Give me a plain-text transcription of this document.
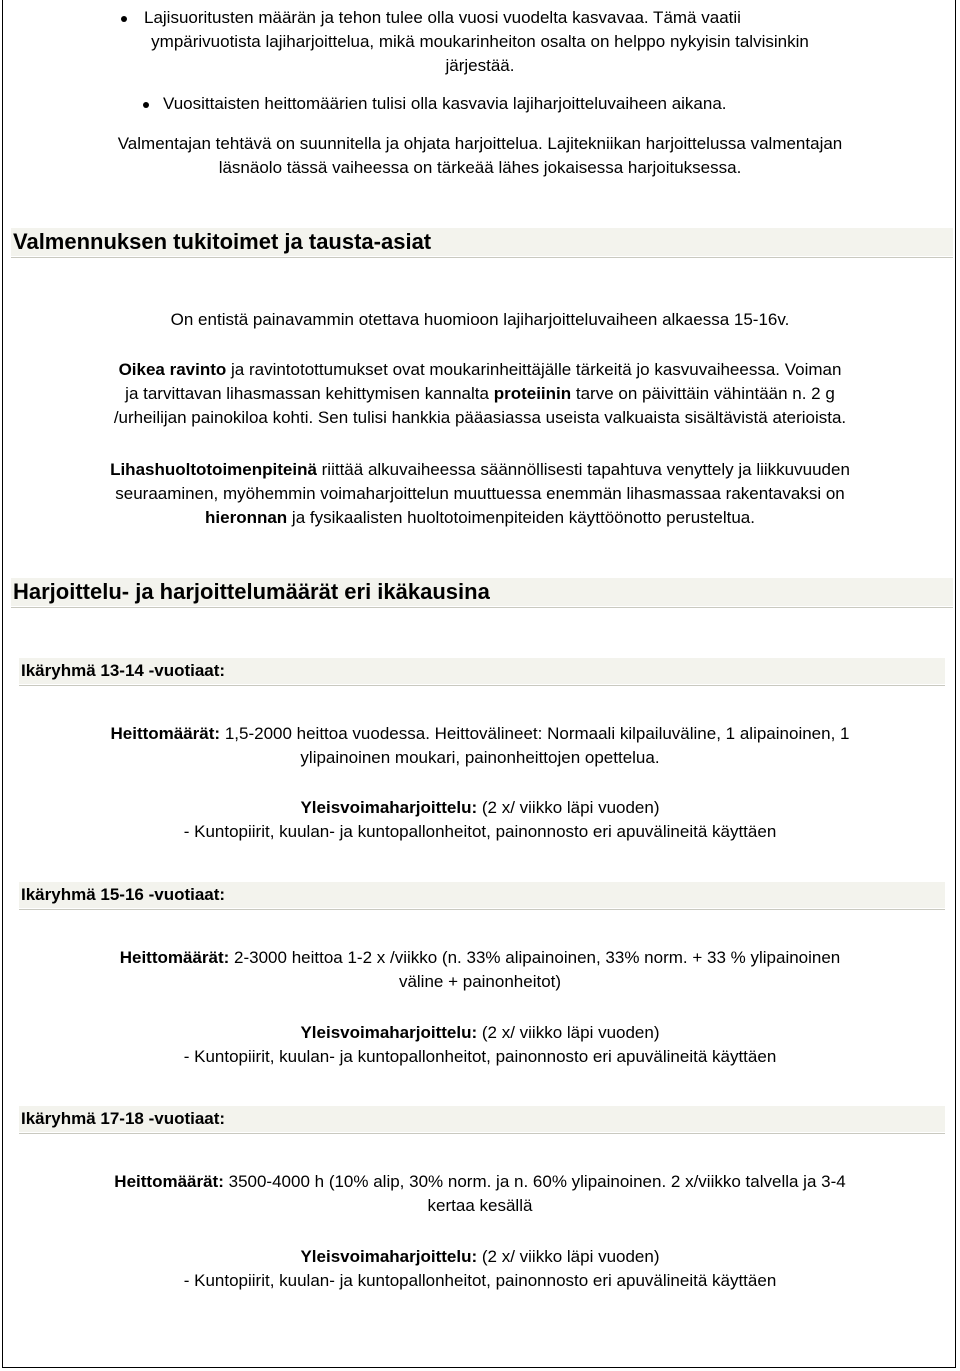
Lajisuoritusten määrän ja tehon tulee olla vuosi vuodelta kasvavaa. Tämä vaatii
ympärivuotista lajiharjoittelua, mikä moukarinheiton osalta on helppo nykyisin talvisinkin
järjestää.
Vuosittaisten heittomäärien tulisi olla kasvavia lajiharjoitteluvaiheen aikana.
Valmentajan tehtävä on suunnitella ja ohjata harjoittelua. Lajitekniikan harjoittelussa valmentajan
läsnäolo tässä vaiheessa on tärkeää lähes jokaisessa harjoituksessa.
Valmennuksen tukitoimet ja tausta-asiat
On entistä painavammin otettava huomioon lajiharjoitteluvaiheen alkaessa 15-16v.
Oikea ravinto ja ravintotottumukset ovat moukarinheittäjälle tärkeitä jo kasvuvaiheessa. Voiman
ja tarvittavan lihasmassan kehittymisen kannalta proteiinin tarve on päivittäin vähintään n. 2 g
/urheilijan painokiloa kohti. Sen tulisi hankkia pääasiassa useista valkuaista sisältävistä aterioista.
Lihashuoltotoimenpiteinä riittää alkuvaiheessa säännöllisesti tapahtuva venyttely ja liikkuvuuden
seuraaminen, myöhemmin voimaharjoittelun muuttuessa enemmän lihasmassaa rakentavaksi on
hieronnan ja fysikaalisten huoltotoimenpiteiden käyttöönotto perusteltua.
Harjoittelu- ja harjoittelumäärät eri ikäkausina
Ikäryhmä 13-14 -vuotiaat:
Heittomäärät: 1,5-2000 heittoa vuodessa. Heittovälineet: Normaali kilpailuväline, 1 alipainoinen, 1
ylipainoinen moukari, painonheittojen opettelua.
Yleisvoimaharjoittelu: (2 x/ viikko läpi vuoden)
- Kuntopiirit, kuulan- ja kuntopallonheitot, painonnosto eri apuvälineitä käyttäen
Ikäryhmä 15-16 -vuotiaat:
Heittomäärät: 2-3000 heittoa 1-2 x /viikko (n. 33% alipainoinen, 33% norm. + 33 % ylipainoinen
väline + painonheitot)
Yleisvoimaharjoittelu: (2 x/ viikko läpi vuoden)
- Kuntopiirit, kuulan- ja kuntopallonheitot, painonnosto eri apuvälineitä käyttäen
Ikäryhmä 17-18 -vuotiaat:
Heittomäärät: 3500-4000 h (10% alip, 30% norm. ja n. 60% ylipainoinen. 2 x/viikko talvella ja 3-4
kertaa kesällä
Yleisvoimaharjoittelu: (2 x/ viikko läpi vuoden)
- Kuntopiirit, kuulan- ja kuntopallonheitot, painonnosto eri apuvälineitä käyttäen
